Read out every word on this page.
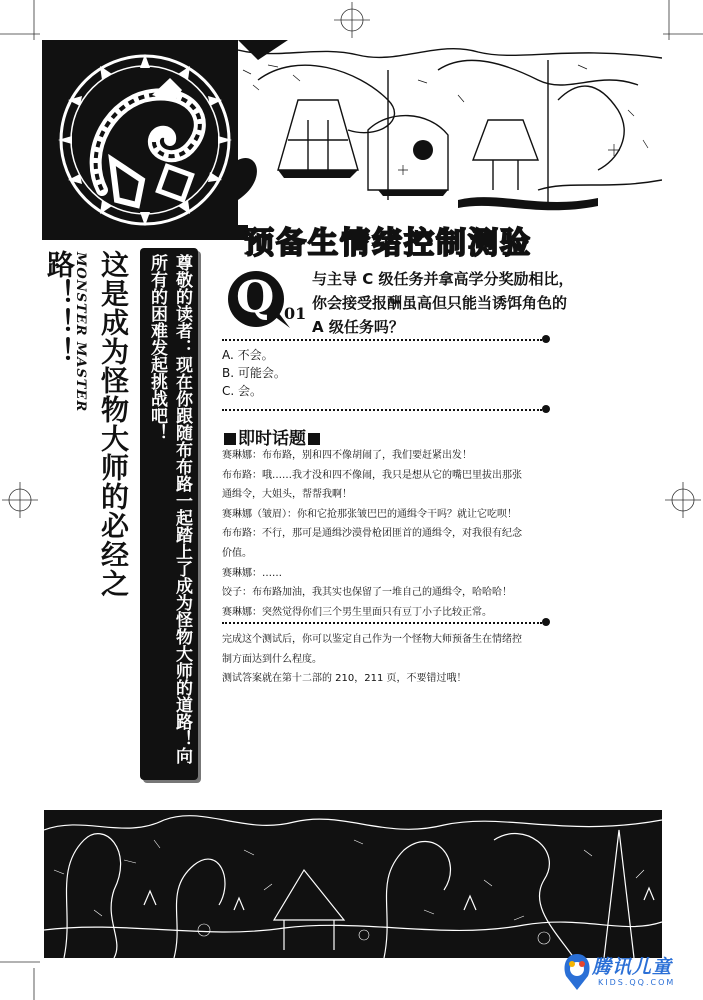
预备生情绪控制测验
尊敬的读者：现在你跟随布布路一起踏上了成为怪物大师的道路！向所有的困难发起挑战吧！
这是成为怪物大师的必经之路！！！
MONSTER MASTER	Q 01
与主导 C 级任务并拿高学分奖励相比，你会接受报酬虽高但只能当诱饵角色的 A 级任务吗？
A. 不会。
B. 可能会。
C. 会。
即时话题
赛琳娜：布布路，别和四不像胡闹了，我们要赶紧出发！
布布路：哦……我才没和四不像闹，我只是想从它的嘴巴里拔出那张
通缉令，大姐头，帮帮我啊！
赛琳娜（皱眉）：你和它抢那张皱巴巴的通缉令干吗？就让它吃呗！
布布路：不行，那可是通缉沙漠骨枪团匪首的通缉令，对我很有纪念
价值。
赛琳娜：……
饺子：布布路加油，我其实也保留了一堆自己的通缉令，哈哈哈！
赛琳娜：突然觉得你们三个男生里面只有豆丁小子比较正常。
完成这个测试后，你可以鉴定自己作为一个怪物大师预备生在情绪控
制方面达到什么程度。
测试答案就在第十二部的 210，211 页，不要错过哦！
腾讯儿童
KIDS.QQ.COM
